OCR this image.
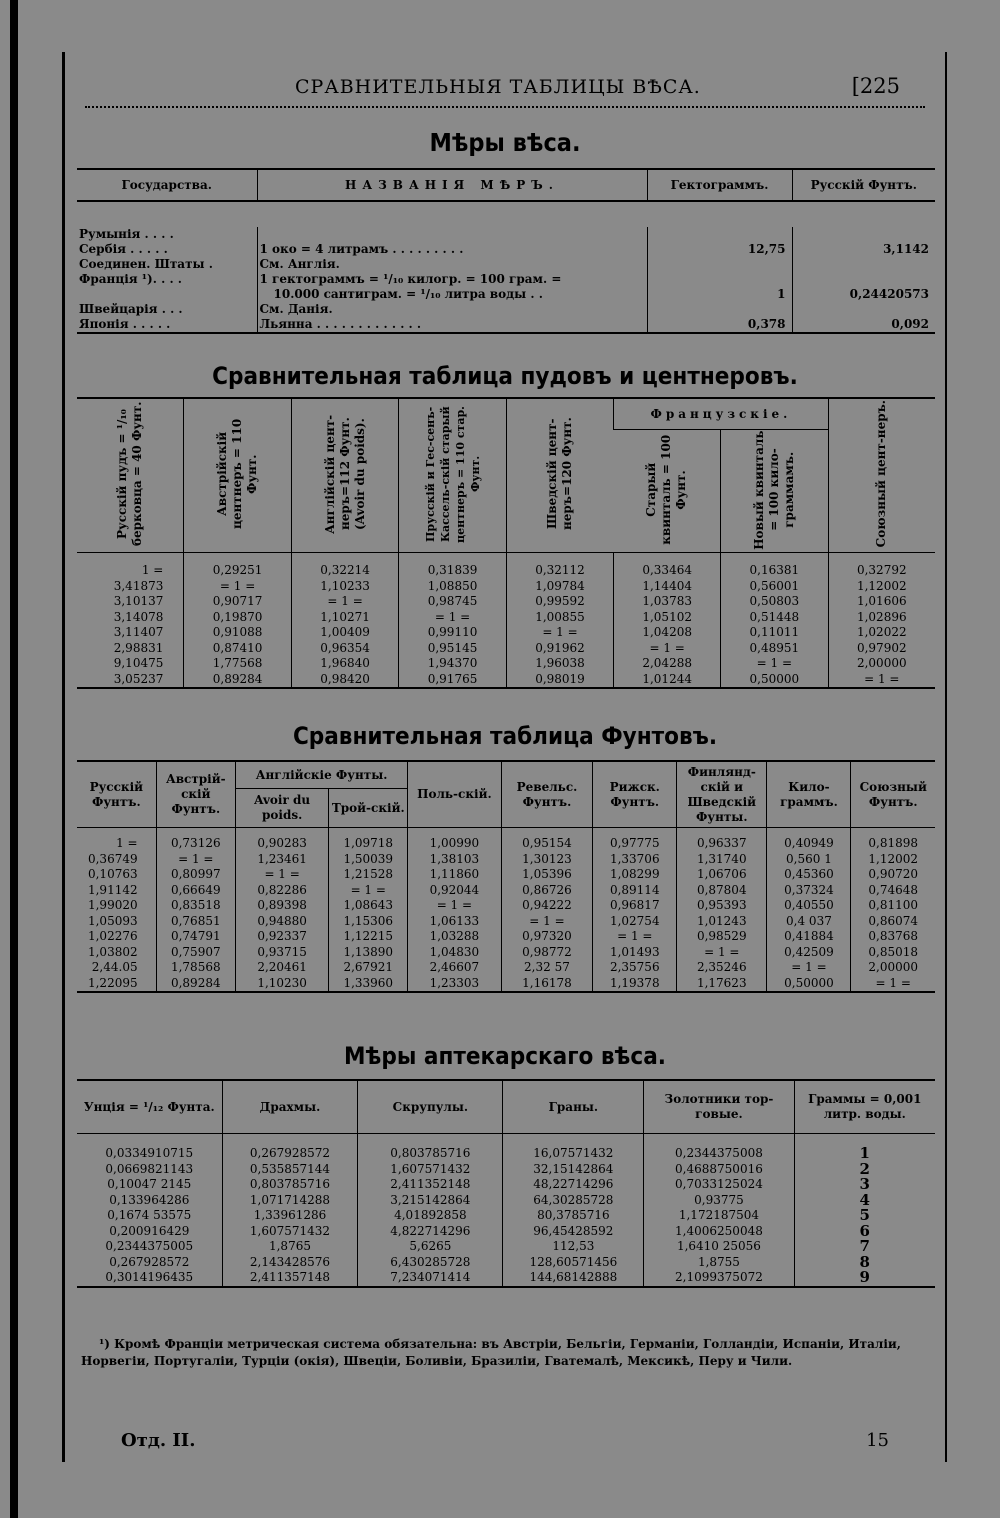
СРАВНИТЕЛЬНЫЯ ТАБЛИЦЫ ВѢСА.	[225
Мѣры вѣса.
Государства.	НАЗВАНІЯ МѢРЪ.	Гектограммъ.	Русскій Фунтъ.

Румынія . . . .			
Сербія . . . . .	1 око = 4 литрамъ . . . . . . . . .	12,75	3,1142
Соединен. Штаты .	См. Англія.		
Франція ¹). . . .	1 гектограммъ = ¹/₁₀ килогр. = 100 грам. =		
	10.000 сантиграм. = ¹/₁₀ литра воды . .	1	0,24420573
Швейцарія . . .	См. Данія.		
Японія . . . . .	Льянна . . . . . . . . . . . . .	0,378	0,092
Сравнительная таблица пудовъ и центнеровъ.
Русскій пудъ = ¹/₁₀ берковца = 40 Фунт.	Австрійскій центнеръ = 110 Фунт.	Англійскій цент-неръ=112 Фунт. (Avoir du poids).	Прусскій и Гес-сенъ-Кассель-скій старый центнеръ = 110 стар. Фунт.	Шведскій цент-неръ=120 Фунт.	Французскіе.		Союзный цент-неръ.
					Старый квинталь = 100 Фунт.	Новый квинталь = 100 кило-граммамъ.	
1 =	0,29251	0,32214	0,31839	0,32112	0,33464	0,16381	0,32792
3,41873	= 1 =	1,10233	1,08850	1,09784	1,14404	0,56001	1,12002
3,10137	0,90717	= 1 =	0,98745	0,99592	1,03783	0,50803	1,01606
3,14078	0,19870	1,10271	= 1 =	1,00855	1,05102	0,51448	1,02896
3,11407	0,91088	1,00409	0,99110	= 1 =	1,04208	0,11011	1,02022
2,98831	0,87410	0,96354	0,95145	0,91962	= 1 =	0,48951	0,97902
9,10475	1,77568	1,96840	1,94370	1,96038	2,04288	= 1 =	2,00000
3,05237	0,89284	0,98420	0,91765	0,98019	1,01244	0,50000	= 1 =
Сравнительная таблица Фунтовъ.
Русскій Фунтъ.	Австрій-скій Фунтъ.	Англійскіе Фунты.		Поль-скій.	Ревельс. Фунтъ.	Рижск. Фунтъ.	Финлянд-скій и Шведскій Фунты.	Кило-граммъ.	Союзный Фунтъ.
		Avoir du poids.	Трой-скій.						
1 =	0,73126	0,90283	1,09718	1,00990	0,95154	0,97775	0,96337	0,40949	0,81898
0,36749	= 1 =	1,23461	1,50039	1,38103	1,30123	1,33706	1,31740	0,560 1	1,12002
0,10763	0,80997	= 1 =	1,21528	1,11860	1,05396	1,08299	1,06706	0,45360	0,90720
1,91142	0,66649	0,82286	= 1 =	0,92044	0,86726	0,89114	0,87804	0,37324	0,74648
1,99020	0,83518	0,89398	1,08643	= 1 =	0,94222	0,96817	0,95393	0,40550	0,81100
1,05093	0,76851	0,94880	1,15306	1,06133	= 1 =	1,02754	1,01243	0,4 037	0,86074
1,02276	0,74791	0,92337	1,12215	1,03288	0,97320	= 1 =	0,98529	0,41884	0,83768
1,03802	0,75907	0,93715	1,13890	1,04830	0,98772	1,01493	= 1 =	0,42509	0,85018
2,44.05	1,78568	2,20461	2,67921	2,46607	2,32 57	2,35756	2,35246	= 1 =	2,00000
1,22095	0,89284	1,10230	1,33960	1,23303	1,16178	1,19378	1,17623	0,50000	= 1 =
Мѣры аптекарскаго вѣса.
Унція = ¹/₁₂ Фунта.	Драхмы.	Скрупулы.	Граны.	Золотники тор-говые.	Граммы = 0,001 литр. воды.
0,0334910715	0,267928572	0,803785716	16,07571432	0,2344375008	1
0,0669821143	0,535857144	1,607571432	32,15142864	0,4688750016	2
0,10047 2145	0,803785716	2,411352148	48,22714296	0,7033125024	3
0,133964286	1,071714288	3,215142864	64,30285728	0,93775	4
0,1674 53575	1,33961286	4,01892858	80,3785716	1,172187504	5
0,200916429	1,607571432	4,822714296	96,45428592	1,4006250048	6
0,2344375005	1,8765	5,6265	112,53	1,6410 25056	7
0,267928572	2,143428576	6,430285728	128,60571456	1,8755	8
0,3014196435	2,411357148	7,234071414	144,68142888	2,1099375072	9
¹) Кромѣ Франціи метрическая система обязательна: въ Австріи, Бельгіи, Германіи, Голландіи, Испаніи, Италіи, Норвегіи, Португаліи, Турціи (окія), Швеціи, Боливіи, Бразиліи, Гватемалѣ, Мексикѣ, Перу и Чили.
Отд. II.	15
